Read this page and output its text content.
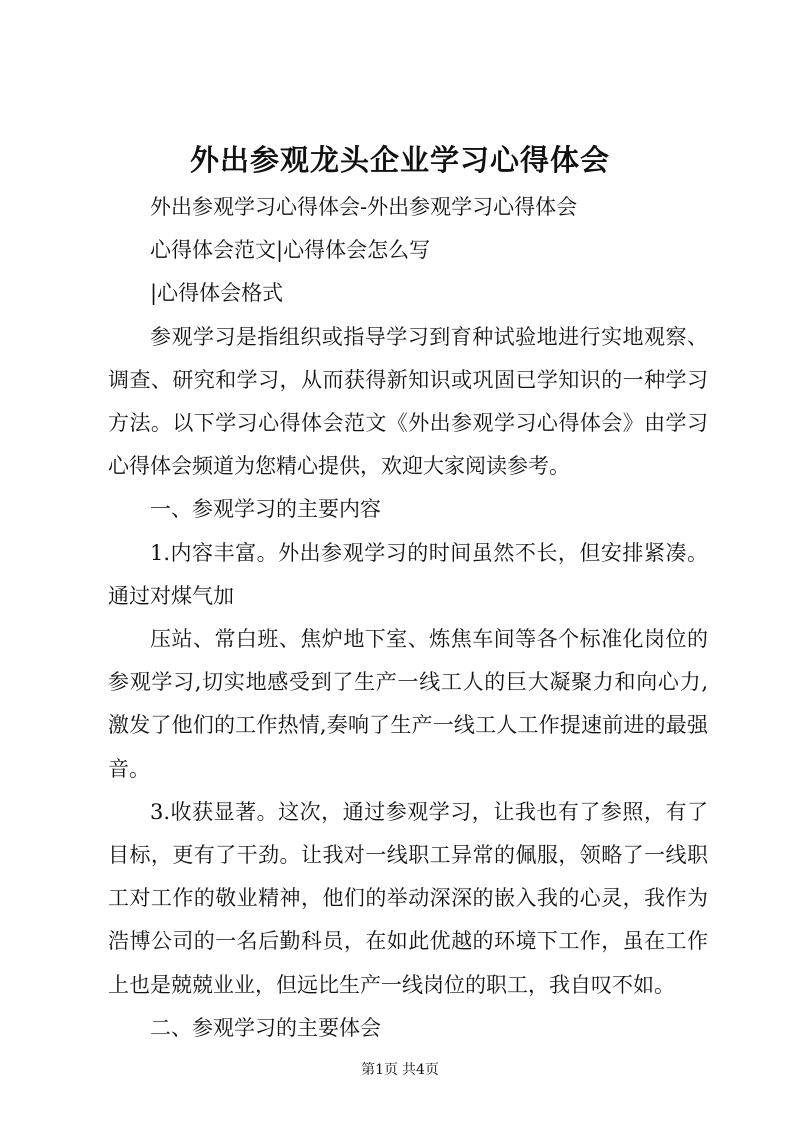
外出参观龙头企业学习心得体会

外出参观学习心得体会-外出参观学习心得体会

心得体会范文|心得体会怎么写

|心得体会格式

参观学习是指组织或指导学习到育种试验地进行实地观察、调查、研究和学习，从而获得新知识或巩固已学知识的一种学习方法。以下学习心得体会范文《外出参观学习心得体会》由学习心得体会频道为您精心提供，欢迎大家阅读参考。

一、参观学习的主要内容

1.内容丰富。外出参观学习的时间虽然不长，但安排紧凑。通过对煤气加

压站、常白班、焦炉地下室、炼焦车间等各个标准化岗位的参观学习,切实地感受到了生产一线工人的巨大凝聚力和向心力,激发了他们的工作热情,奏响了生产一线工人工作提速前进的最强音。

3.收获显著。这次，通过参观学习，让我也有了参照，有了目标，更有了干劲。让我对一线职工异常的佩服，领略了一线职工对工作的敬业精神，他们的举动深深的嵌入我的心灵，我作为浩博公司的一名后勤科员，在如此优越的环境下工作，虽在工作上也是兢兢业业，但远比生产一线岗位的职工，我自叹不如。

二、参观学习的主要体会

第1页 共4页
